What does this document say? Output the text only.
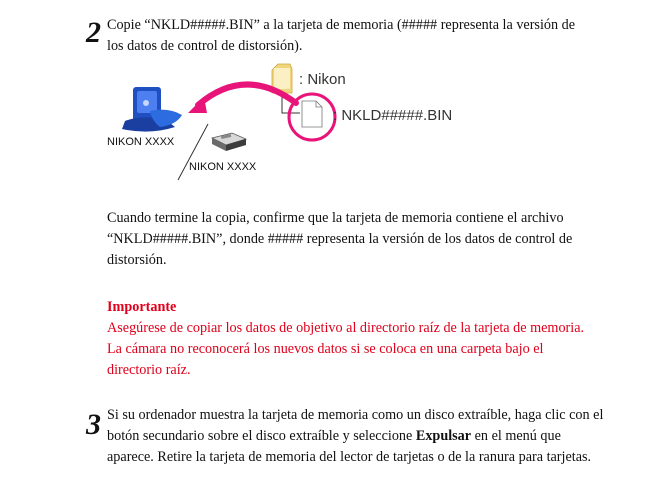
2 Copie “NKLD#####.BIN” a la tarjeta de memoria (##### representa la versión de
los datos de control de distorsión).
: Nikon
: NKLD#####.BIN
NIKON XXXX
NIKON XXXX
Cuando termine la copia, confirme que la tarjeta de memoria contiene el archivo
“NKLD#####.BIN”, donde ##### representa la versión de los datos de control de
distorsión.
Importante
Asegúrese de copiar los datos de objetivo al directorio raíz de la tarjeta de memoria.
La cámara no reconocerá los nuevos datos si se coloca en una carpeta bajo el
directorio raíz.
3 Si su ordenador muestra la tarjeta de memoria como un disco extraíble, haga clic con el
botón secundario sobre el disco extraíble y seleccione Expulsar en el menú que
aparece. Retire la tarjeta de memoria del lector de tarjetas o de la ranura para tarjetas.
